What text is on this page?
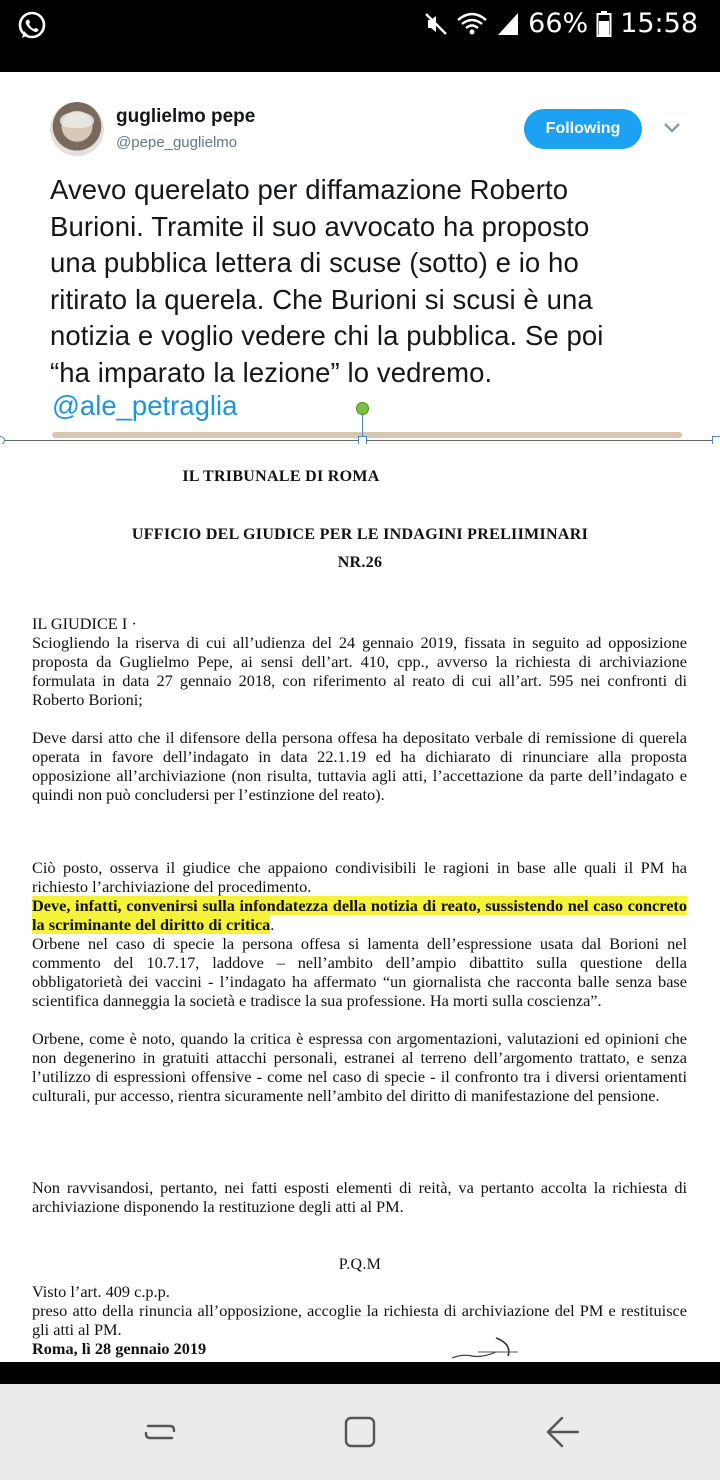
66% 15:58
guglielmo pepe
@pepe_guglielmo
Following
Avevo querelato per diffamazione Roberto
Burioni. Tramite il suo avvocato ha proposto
una pubblica lettera di scuse (sotto) e io ho
ritirato la querela. Che Burioni si scusi è una
notizia e voglio vedere chi la pubblica. Se poi
“ha imparato la lezione” lo vedremo.
@ale_petraglia
IL TRIBUNALE DI ROMA
UFFICIO DEL GIUDICE PER LE INDAGINI PRELIIMINARI
NR.26
IL GIUDICE I ·
Sciogliendo la riserva di cui all’udienza del 24 gennaio 2019, fissata in seguito ad opposizione proposta da Guglielmo Pepe, ai sensi dell’art. 410, cpp., avverso la richiesta di archiviazione formulata in data 27 gennaio 2018, con riferimento al reato di cui all’art. 595 nei confronti di Roberto Borioni;
Deve darsi atto che il difensore della persona offesa ha depositato verbale di remissione di querela operata in favore dell’indagato in data 22.1.19 ed ha dichiarato di rinunciare alla proposta opposizione all’archiviazione (non risulta, tuttavia agli atti, l’accettazione da parte dell’indagato e quindi non può concludersi per l’estinzione del reato).
Ciò posto, osserva il giudice che appaiono condivisibili le ragioni in base alle quali il PM ha richiesto l’archiviazione del procedimento.
Deve, infatti, convenirsi sulla infondatezza della notizia di reato, sussistendo nel caso concreto la scriminante del diritto di critica.
Orbene nel caso di specie la persona offesa si lamenta dell’espressione usata dal Borioni nel commento del 10.7.17, laddove – nell’ambito dell’ampio dibattito sulla questione della obbligatorietà dei vaccini - l’indagato ha affermato “un giornalista che racconta balle senza base scientifica danneggia la società e tradisce la sua professione. Ha morti sulla coscienza”.
Orbene, come è noto, quando la critica è espressa con argomentazioni, valutazioni ed opinioni che non degenerino in gratuiti attacchi personali, estranei al terreno dell’argomento trattato, e senza l’utilizzo di espressioni offensive - come nel caso di specie - il confronto tra i diversi orientamenti culturali, pur accesso, rientra sicuramente nell’ambito del diritto di manifestazione del pensione.
Non ravvisandosi, pertanto, nei fatti esposti elementi di reità, va pertanto accolta la richiesta di archiviazione disponendo la restituzione degli atti al PM.
P.Q.M
Visto l’art. 409 c.p.p.
preso atto della rinuncia all’opposizione, accoglie la richiesta di archiviazione del PM e restituisce gli atti al PM.
Roma, lì 28 gennaio 2019
